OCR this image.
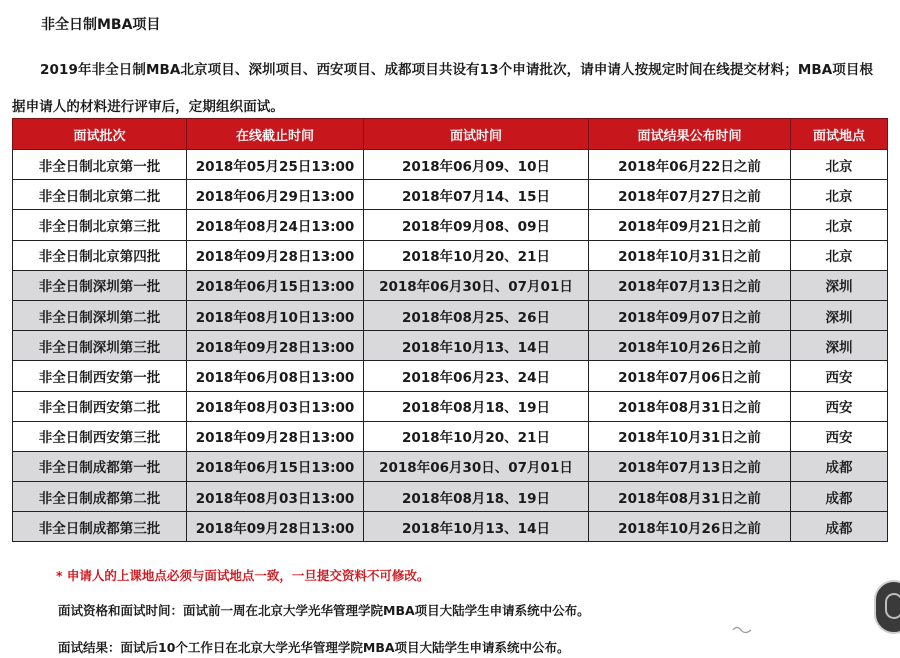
非全日制MBA项目
2019年非全日制MBA北京项目、深圳项目、西安项目、成都项目共设有13个申请批次，请申请人按规定时间在线提交材料；MBA项目根据申请人的材料进行评审后，定期组织面试。
面试批次	在线截止时间	面试时间	面试结果公布时间	面试地点
非全日制北京第一批	2018年05月25日13:00	2018年06月09、10日	2018年06月22日之前	北京
非全日制北京第二批	2018年06月29日13:00	2018年07月14、15日	2018年07月27日之前	北京
非全日制北京第三批	2018年08月24日13:00	2018年09月08、09日	2018年09月21日之前	北京
非全日制北京第四批	2018年09月28日13:00	2018年10月20、21日	2018年10月31日之前	北京
非全日制深圳第一批	2018年06月15日13:00	2018年06月30日、07月01日	2018年07月13日之前	深圳
非全日制深圳第二批	2018年08月10日13:00	2018年08月25、26日	2018年09月07日之前	深圳
非全日制深圳第三批	2018年09月28日13:00	2018年10月13、14日	2018年10月26日之前	深圳
非全日制西安第一批	2018年06月08日13:00	2018年06月23、24日	2018年07月06日之前	西安
非全日制西安第二批	2018年08月03日13:00	2018年08月18、19日	2018年08月31日之前	西安
非全日制西安第三批	2018年09月28日13:00	2018年10月20、21日	2018年10月31日之前	西安
非全日制成都第一批	2018年06月15日13:00	2018年06月30日、07月01日	2018年07月13日之前	成都
非全日制成都第二批	2018年08月03日13:00	2018年08月18、19日	2018年08月31日之前	成都
非全日制成都第三批	2018年09月28日13:00	2018年10月13、14日	2018年10月26日之前	成都
* 申请人的上课地点必须与面试地点一致，一旦提交资料不可修改。
面试资格和面试时间：面试前一周在北京大学光华管理学院MBA项目大陆学生申请系统中公布。
面试结果：面试后10个工作日在北京大学光华管理学院MBA项目大陆学生申请系统中公布。
